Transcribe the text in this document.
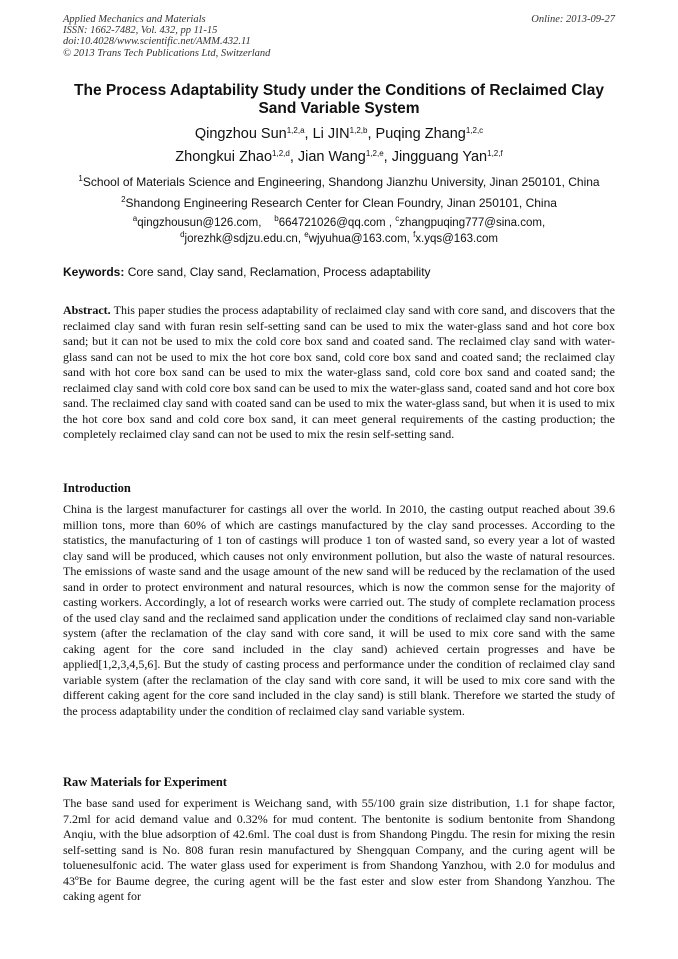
Applied Mechanics and Materials
ISSN: 1662-7482, Vol. 432, pp 11-15
doi:10.4028/www.scientific.net/AMM.432.11
© 2013 Trans Tech Publications Ltd, Switzerland
Online: 2013-09-27
The Process Adaptability Study under the Conditions of Reclaimed Clay
Sand Variable System
Qingzhou Sun$^{1,2,a}$, Li JIN$^{1,2,b}$, Puqing Zhang$^{1,2,c}$
Zhongkui Zhao$^{1,2,d}$, Jian Wang$^{1,2,e}$, Jingguang Yan$^{1,2,f}$
$^1$School of Materials Science and Engineering, Shandong Jianzhu University, Jinan 250101, China
$^2$Shandong Engineering Research Center for Clean Foundry, Jinan 250101, China
$^a$qingzhousun@126.com, $^b$664721026@qq.com , $^c$zhangpuqing777@sina.com,
$^d$jorezhk@sdjzu.edu.cn, $^e$wjyuhua@163.com, $^f$x.yqs@163.com
Keywords: Core sand, Clay sand, Reclamation, Process adaptability
Abstract. This paper studies the process adaptability of reclaimed clay sand with core sand, and discovers that the reclaimed clay sand with furan resin self-setting sand can be used to mix the water-glass sand and hot core box sand; but it can not be used to mix the cold core box sand and coated sand. The reclaimed clay sand with water-glass sand can not be used to mix the hot core box sand, cold core box sand and coated sand; the reclaimed clay sand with hot core box sand can be used to mix the water-glass sand, cold core box sand and coated sand; the reclaimed clay sand with cold core box sand can be used to mix the water-glass sand, coated sand and hot core box sand. The reclaimed clay sand with coated sand can be used to mix the water-glass sand, but when it is used to mix the hot core box sand and cold core box sand, it can meet general requirements of the casting production; the completely reclaimed clay sand can not be used to mix the resin self-setting sand.
Introduction
China is the largest manufacturer for castings all over the world. In 2010, the casting output reached about 39.6 million tons, more than 60% of which are castings manufactured by the clay sand processes. According to the statistics, the manufacturing of 1 ton of castings will produce 1 ton of wasted sand, so every year a lot of wasted clay sand will be produced, which causes not only environment pollution, but also the waste of natural resources. The emissions of waste sand and the usage amount of the new sand will be reduced by the reclamation of the used sand in order to protect environment and natural resources, which is now the common sense for the majority of casting workers. Accordingly, a lot of research works were carried out. The study of complete reclamation process of the used clay sand and the reclaimed sand application under the conditions of reclaimed clay sand non-variable system (after the reclamation of the clay sand with core sand, it will be used to mix core sand with the same caking agent for the core sand included in the clay sand) achieved certain progresses and have be applied[1,2,3,4,5,6]. But the study of casting process and performance under the condition of reclaimed clay sand variable system (after the reclamation of the clay sand with core sand, it will be used to mix core sand with the different caking agent for the core sand included in the clay sand) is still blank. Therefore we started the study of the process adaptability under the condition of reclaimed clay sand variable system.
Raw Materials for Experiment
The base sand used for experiment is Weichang sand, with 55/100 grain size distribution, 1.1 for shape factor, 7.2ml for acid demand value and 0.32% for mud content. The bentonite is sodium bentonite from Shandong Anqiu, with the blue adsorption of 42.6ml. The coal dust is from Shandong Pingdu. The resin for mixing the resin self-setting sand is No. 808 furan resin manufactured by Shengquan Company, and the curing agent will be toluenesulfonic acid. The water glass used for experiment is from Shandong Yanzhou, with 2.0 for modulus and 43ºBe for Baume degree, the curing agent will be the fast ester and slow ester from Shandong Yanzhou. The caking agent for
